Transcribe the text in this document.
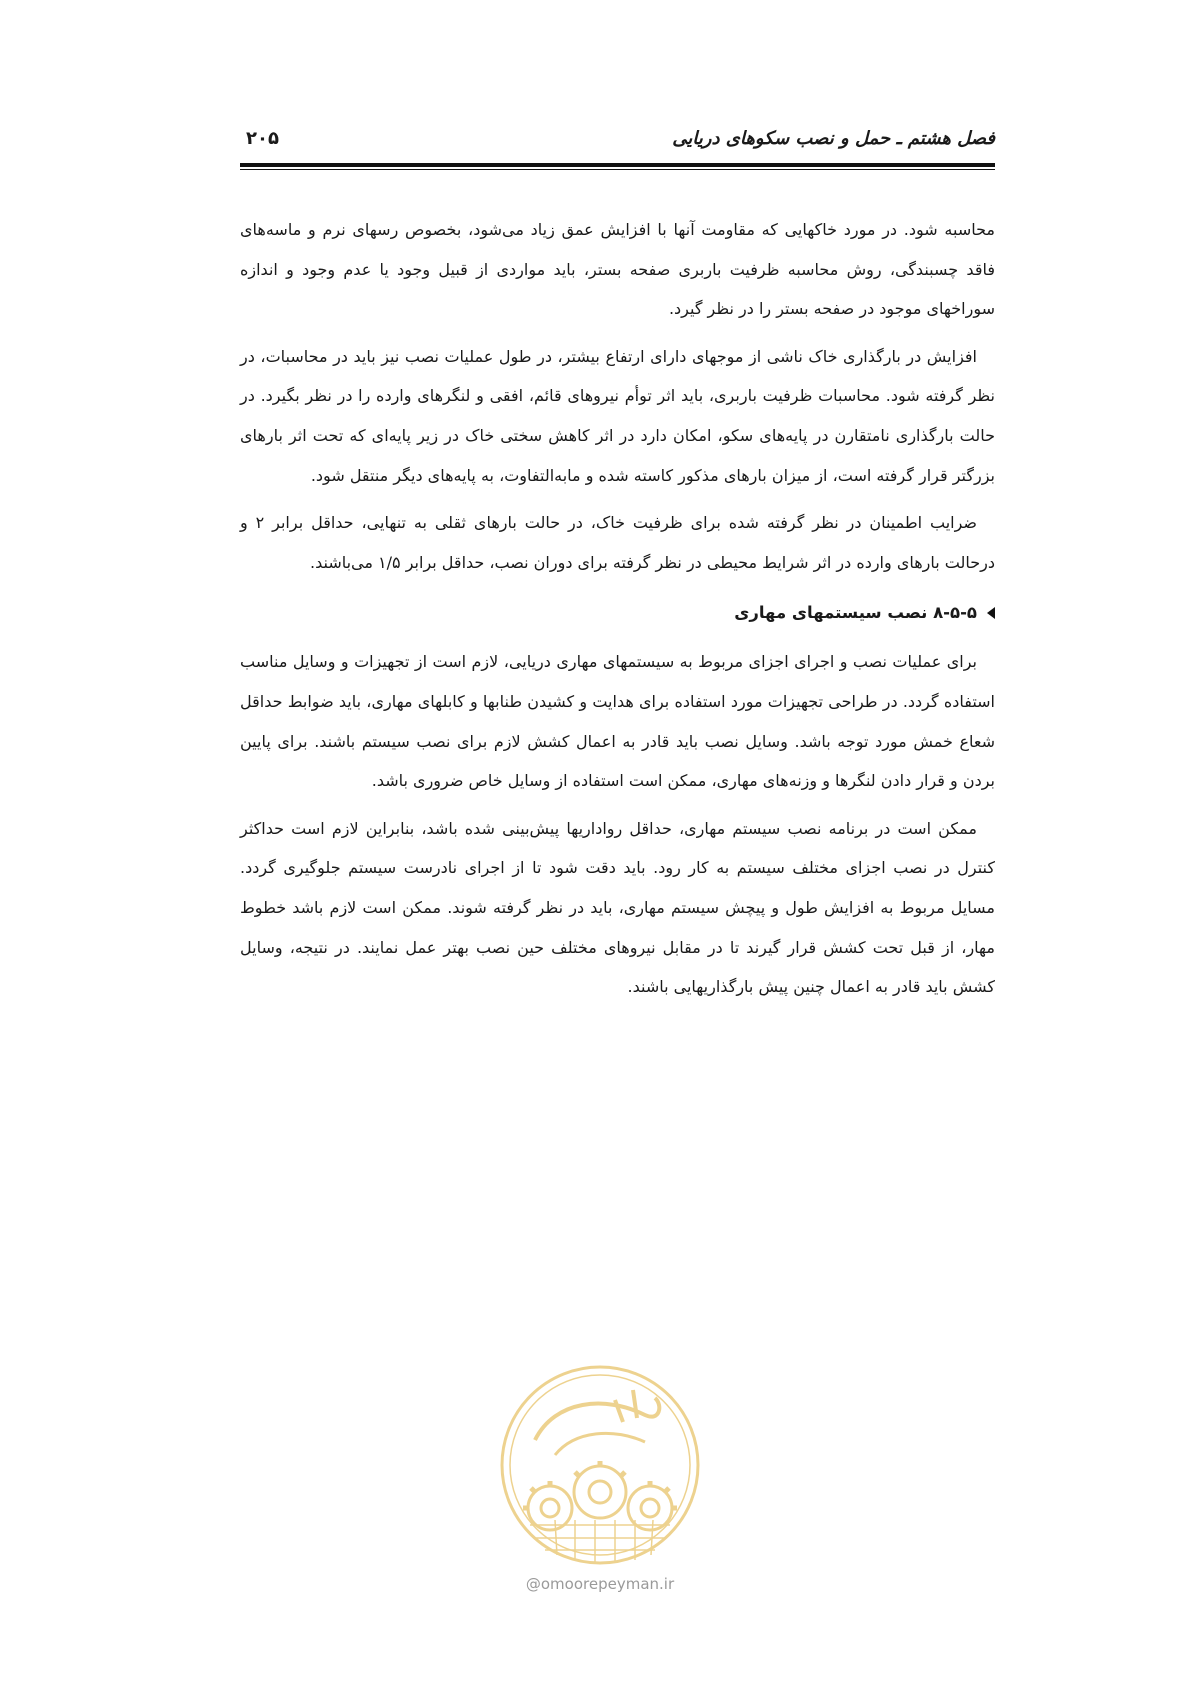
فصل هشتم ـ حمل و نصب سکوهای دریایی
۲۰۵

محاسبه شود. در مورد خاکهایی که مقاومت آنها با افزایش عمق زیاد می‌شود، بخصوص رسهای نرم و ماسه‌های فاقد چسبندگی، روش محاسبه ظرفیت باربری صفحه بستر، باید مواردی از قبیل وجود یا عدم وجود و اندازه سوراخهای موجود در صفحه بستر را در نظر گیرد.

افزایش در بارگذاری خاک ناشی از موجهای دارای ارتفاع بیشتر، در طول عملیات نصب نیز باید در محاسبات، در نظر گرفته شود. محاسبات ظرفیت باربری، باید اثر توأم نیروهای قائم، افقی و لنگرهای وارده را در نظر بگیرد. در حالت بارگذاری نامتقارن در پایه‌های سکو، امکان دارد در اثر کاهش سختی خاک در زیر پایه‌ای که تحت اثر بارهای بزرگتر قرار گرفته است، از میزان بارهای مذکور کاسته شده و مابه‌التفاوت، به پایه‌های دیگر منتقل شود.

ضرایب اطمینان در نظر گرفته شده برای ظرفیت خاک، در حالت بارهای ثقلی به تنهایی، حداقل برابر ۲ و درحالت بارهای وارده در اثر شرایط محیطی در نظر گرفته برای دوران نصب، حداقل برابر ۱/۵ می‌باشند.

۸-۵-۵ نصب سیستمهای مهاری

برای عملیات نصب و اجرای اجزای مربوط به سیستمهای مهاری دریایی، لازم است از تجهیزات و وسایل مناسب استفاده گردد. در طراحی تجهیزات مورد استفاده برای هدایت و کشیدن طنابها و کابلهای مهاری، باید ضوابط حداقل شعاع خمش مورد توجه باشد. وسایل نصب باید قادر به اعمال کشش لازم برای نصب سیستم باشند. برای پایین بردن و قرار دادن لنگرها و وزنه‌های مهاری، ممکن است استفاده از وسایل خاص ضروری باشد.

ممکن است در برنامه نصب سیستم مهاری، حداقل رواداریها پیش‌بینی شده باشد، بنابراین لازم است حداکثر کنترل در نصب اجزای مختلف سیستم به کار رود. باید دقت شود تا از اجرای نادرست سیستم جلوگیری گردد. مسایل مربوط به افزایش طول و پیچش سیستم مهاری، باید در نظر گرفته شوند. ممکن است لازم باشد خطوط مهار، از قبل تحت کشش قرار گیرند تا در مقابل نیروهای مختلف حین نصب بهتر عمل نمایند. در نتیجه، وسایل کشش باید قادر به اعمال چنین پیش بارگذاریهایی باشند.

@omoorepeyman.ir
